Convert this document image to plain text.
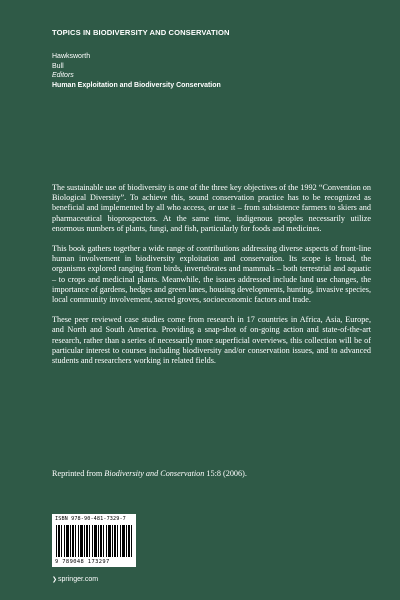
TOPICS IN BIODIVERSITY AND CONSERVATION
Hawksworth
Bull
Editors
Human Exploitation and Biodiversity Conservation

The sustainable use of biodiversity is one of the three key objectives of the 1992 “Convention on Biological Diversity”. To achieve this, sound conservation practice has to be recognized as beneficial and implemented by all who access, or use it – from subsistence farmers to skiers and pharmaceutical bioprospectors. At the same time, indigenous peoples necessarily utilize enormous numbers of plants, fungi, and fish, particularly for foods and medicines.

This book gathers together a wide range of contributions addressing diverse aspects of front-line human involvement in biodiversity exploitation and conservation. Its scope is broad, the organisms explored ranging from birds, invertebrates and mammals – both terrestrial and aquatic – to crops and medicinal plants. Meanwhile, the issues addressed include land use changes, the importance of gardens, hedges and green lanes, housing developments, hunting, invasive species, local community involvement, sacred groves, socioeconomic factors and trade.

These peer reviewed case studies come from research in 17 countries in Africa, Asia, Europe, and North and South America. Providing a snap-shot of on-going action and state-of-the-art research, rather than a series of necessarily more superficial overviews, this collection will be of particular interest to courses including biodiversity and/or conservation issues, and to advanced students and researchers working in related fields.

Reprinted from Biodiversity and Conservation 15:8 (2006).
ISBN 978-90-481-7329-7
9 789048 173297
❯springer.com
